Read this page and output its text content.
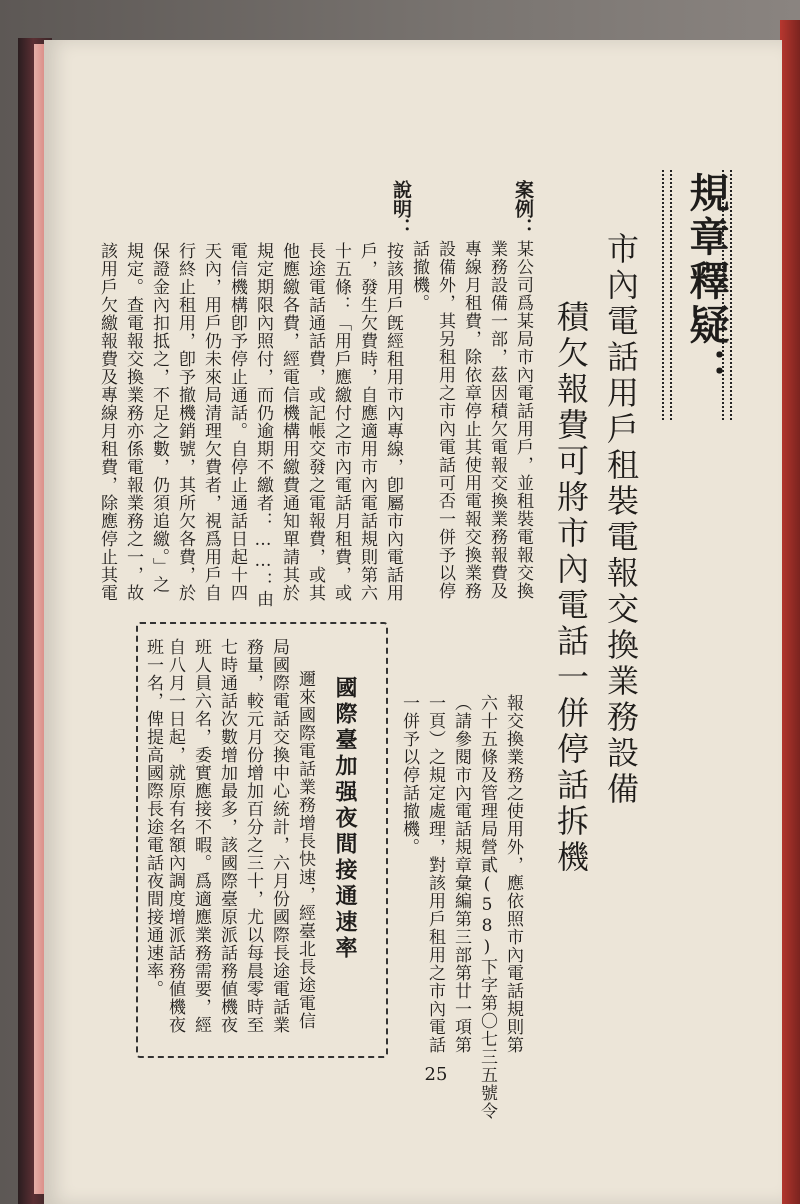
規章釋疑：
市內電話用戶租裝電報交換業務設備
積欠報費可將市內電話一併停話拆機
案例：
某公司爲某局市內電話用戶，並租裝電報交換
業務設備一部，茲因積欠電報交換業務報費及
專線月租費，除依章停止其使用電報交換業務
設備外，其另租用之市內電話可否一併予以停
話撤機。
說明：
按該用戶旣經租用市內專線，卽屬市內電話用
戶，發生欠費時，自應適用市內電話規則第六
十五條：「用戶應繳付之市內電話月租費，或
長途電話通話費，或記帳交發之電報費，或其
他應繳各費，經電信機構用繳費通知單請其於
規定期限內照付，而仍逾期不繳者：……：由
電信機構卽予停止通話。自停止通話日起十四
天內，用戶仍未來局清理欠費者，視爲用戶自
行終止租用，卽予撤機銷號，其所欠各費，於
保證金內扣抵之，不足之數，仍須追繳。」之
規定。查電報交換業務亦係電報業務之一，故
該用戶欠繳報費及專線月租費，除應停止其電
報交換業務之使用外，應依照市內電話規則第
六十五條及管理局營貳(58)下字第〇七三五號令
（請參閱市內電話規章彙編第三部第廿一項第
一頁）之規定處理，對該用戶租用之市內電話
一併予以停話撤機。
國際臺加强夜間接通速率
邇來國際電話業務增長快速，經臺北長途電信
局國際電話交換中心統計，六月份國際長途電話業
務量，較元月份增加百分之三十，尤以每晨零時至
七時通話次數增加最多，該國際臺原派話務値機夜
班人員六名，委實應接不暇。爲適應業務需要，經
自八月一日起，就原有名額內調度增派話務値機夜
班一名，俾提高國際長途電話夜間接通速率。
25
